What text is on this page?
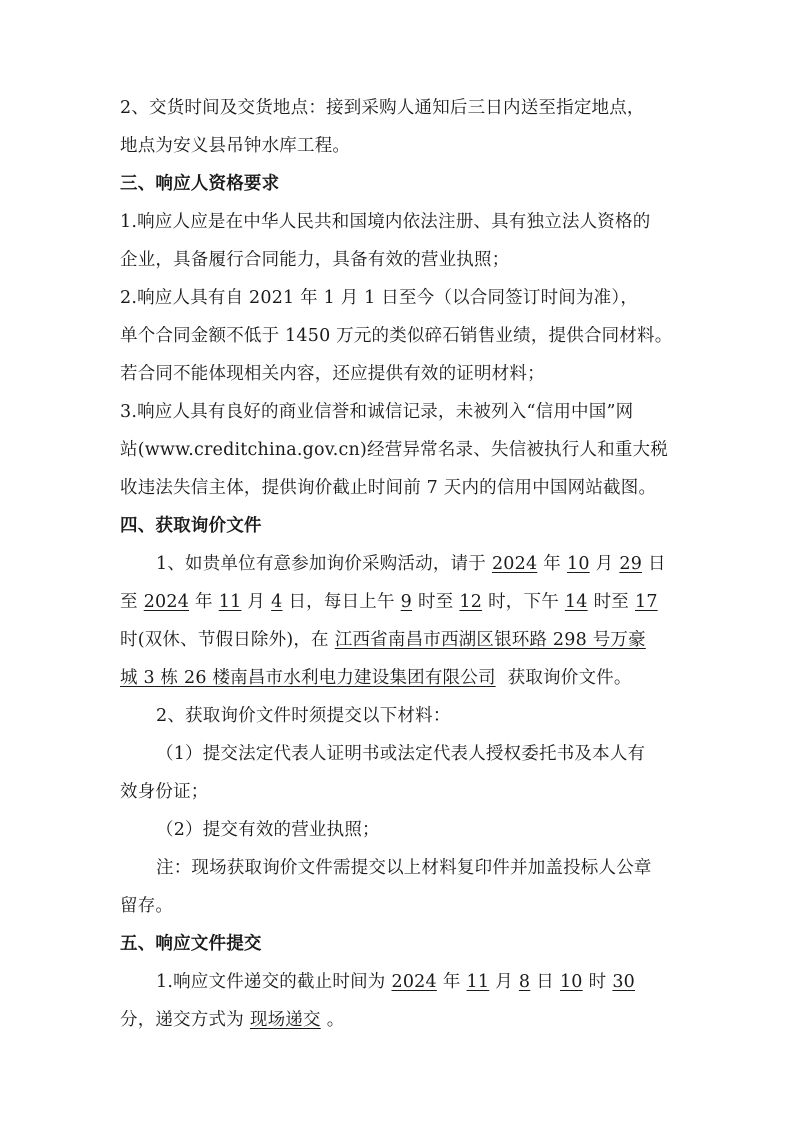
2、交货时间及交货地点：接到采购人通知后三日内送至指定地点，
地点为安义县吊钟水库工程。
三、响应人资格要求
1.响应人应是在中华人民共和国境内依法注册、具有独立法人资格的
企业，具备履行合同能力，具备有效的营业执照；
2.响应人具有自 2021 年 1 月 1 日至今（以合同签订时间为准），
单个合同金额不低于 1450 万元的类似碎石销售业绩，提供合同材料。
若合同不能体现相关内容，还应提供有效的证明材料；
3.响应人具有良好的商业信誉和诚信记录，未被列入“信用中国”网
站(www.creditchina.gov.cn)经营异常名录、失信被执行人和重大税
收违法失信主体，提供询价截止时间前 7 天内的信用中国网站截图。
四、获取询价文件
1、如贵单位有意参加询价采购活动，请于 2024 年 10 月 29 日
至 2024 年 11 月 4 日，每日上午 9 时至 12 时，下午 14 时至 17
时(双休、节假日除外)，在 江西省南昌市西湖区银环路 298 号万豪
城 3 栋 26 楼南昌市水利电力建设集团有限公司 获取询价文件。
2、获取询价文件时须提交以下材料：
（1）提交法定代表人证明书或法定代表人授权委托书及本人有
效身份证；
（2）提交有效的营业执照；
注：现场获取询价文件需提交以上材料复印件并加盖投标人公章
留存。
五、响应文件提交
1.响应文件递交的截止时间为 2024 年 11 月 8 日 10 时 30
分，递交方式为 现场递交 。
